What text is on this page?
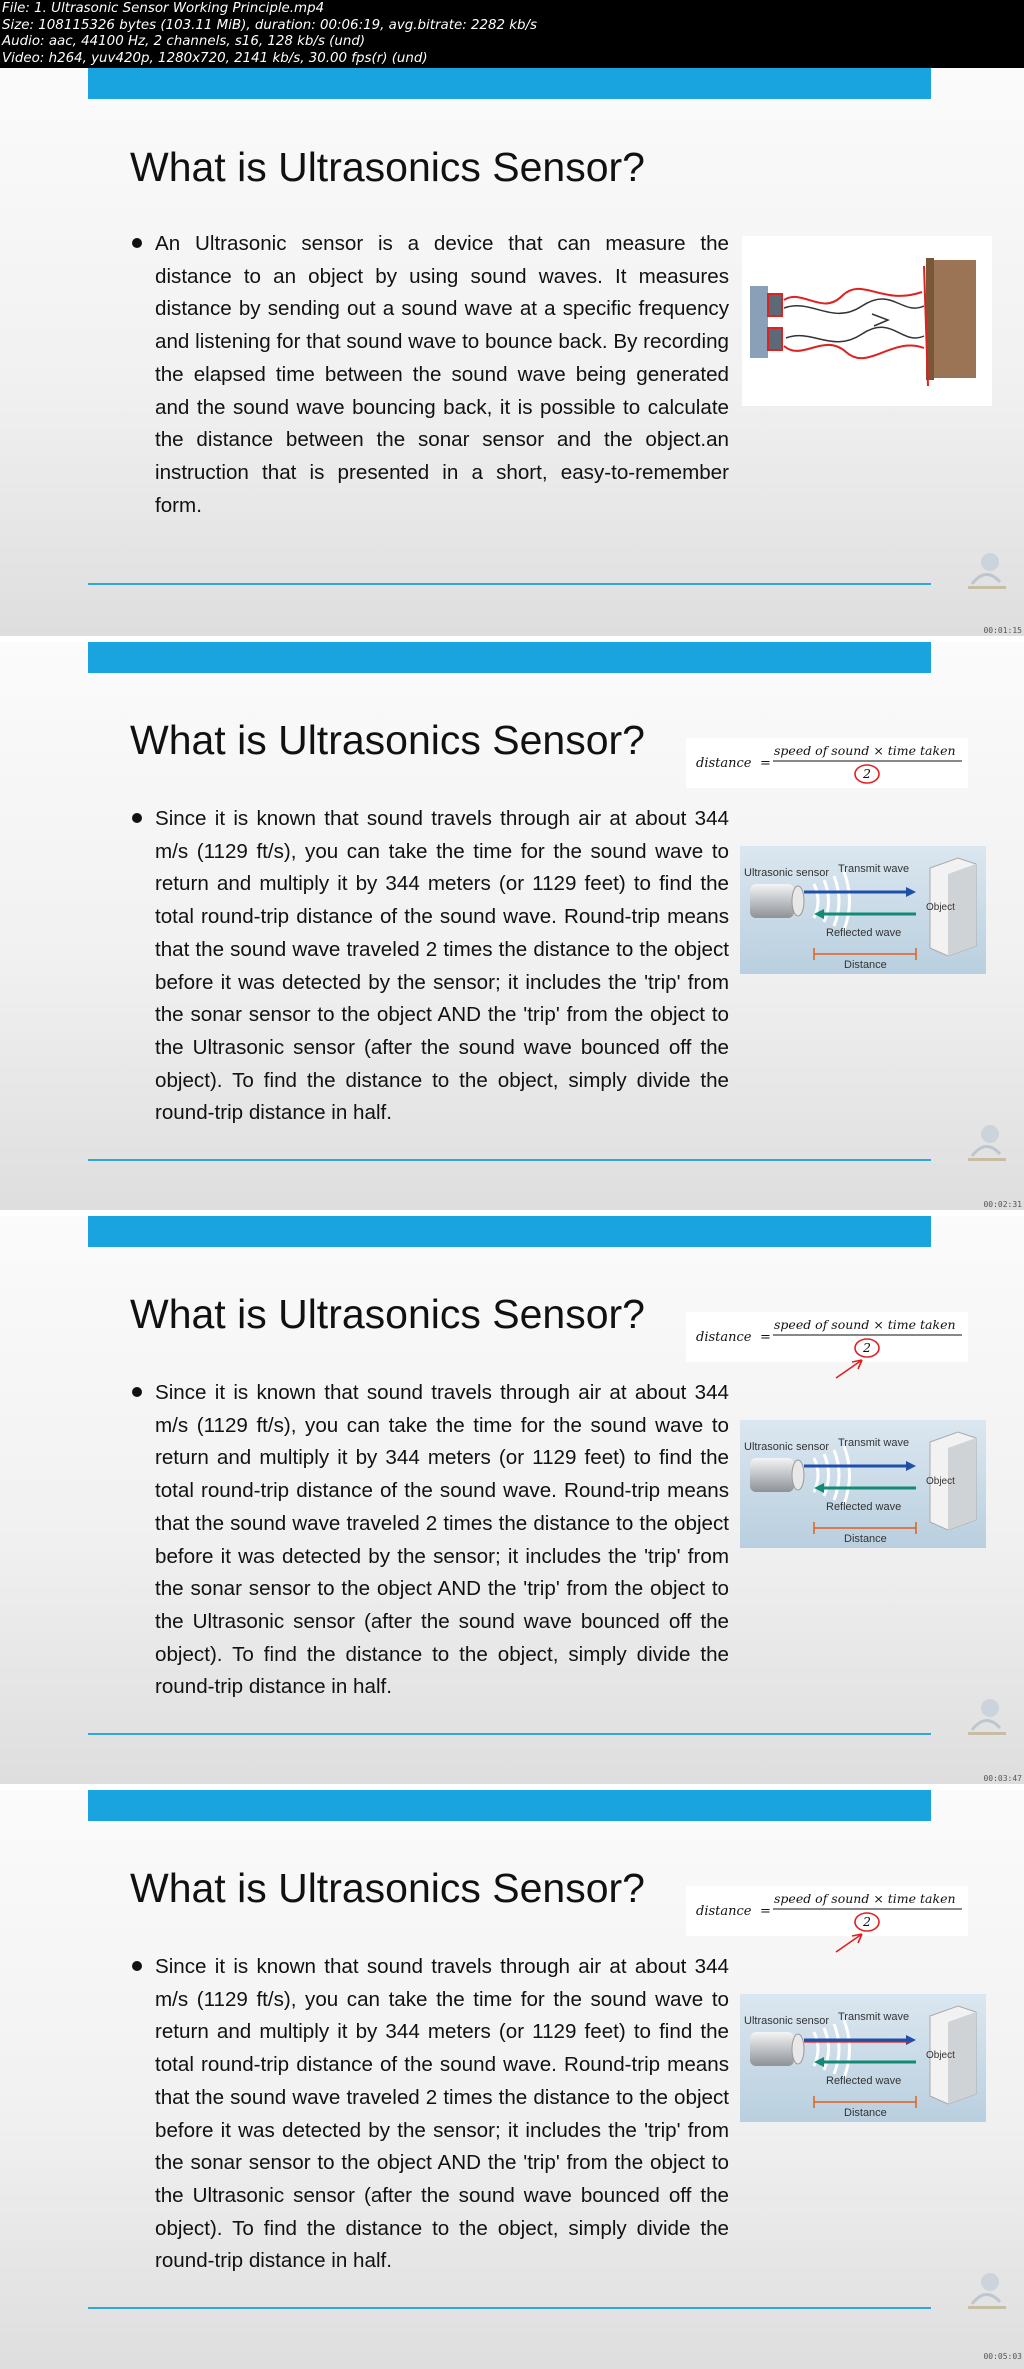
File: 1. Ultrasonic Sensor Working Principle.mp4
Size: 108115326 bytes (103.11 MiB), duration: 00:06:19, avg.bitrate: 2282 kb/s
Audio: aac, 44100 Hz, 2 channels, s16, 128 kb/s (und)
Video: h264, yuv420p, 1280x720, 2141 kb/s, 30.00 fps(r) (und)
What is Ultrasonics Sensor?

An Ultrasonic sensor is a device that can measure the distance to an object by using sound waves. It measures distance by sending out a sound wave at a specific frequency and listening for that sound wave to bounce back. By recording the elapsed time between the sound wave being generated and the sound wave bouncing back, it is possible to calculate the distance between the sonar sensor and the object.an instruction that is presented in a short, easy-to-remember form.

00:01:15
What is Ultrasonics Sensor?
distance =
speed of sound × time taken
2

Since it is known that sound travels through air at about 344 m/s (1129 ft/s), you can take the time for the sound wave to return and multiply it by 344 meters (or 1129 feet) to find the total round-trip distance of the sound wave. Round-trip means that the sound wave traveled 2 times the distance to the object before it was detected by the sensor; it includes the 'trip' from the sonar sensor to the object AND the 'trip' from the object to the Ultrasonic sensor (after the sound wave bounced off the object). To find the distance to the object, simply divide the round-trip distance in half.

Ultrasonic sensor Transmit wave
Reflected wave
Object
Distance
00:02:31
What is Ultrasonics Sensor?
distance =
speed of sound × time taken
2

Since it is known that sound travels through air at about 344 m/s (1129 ft/s), you can take the time for the sound wave to return and multiply it by 344 meters (or 1129 feet) to find the total round-trip distance of the sound wave. Round-trip means that the sound wave traveled 2 times the distance to the object before it was detected by the sensor; it includes the 'trip' from the sonar sensor to the object AND the 'trip' from the object to the Ultrasonic sensor (after the sound wave bounced off the object). To find the distance to the object, simply divide the round-trip distance in half.

Ultrasonic sensor Transmit wave
Reflected wave
Object
Distance
00:03:47
What is Ultrasonics Sensor?
distance =
speed of sound × time taken
2

Since it is known that sound travels through air at about 344 m/s (1129 ft/s), you can take the time for the sound wave to return and multiply it by 344 meters (or 1129 feet) to find the total round-trip distance of the sound wave. Round-trip means that the sound wave traveled 2 times the distance to the object before it was detected by the sensor; it includes the 'trip' from the sonar sensor to the object AND the 'trip' from the object to the Ultrasonic sensor (after the sound wave bounced off the object). To find the distance to the object, simply divide the round-trip distance in half.

Ultrasonic sensor Transmit wave
Reflected wave
Object
Distance
00:05:03
